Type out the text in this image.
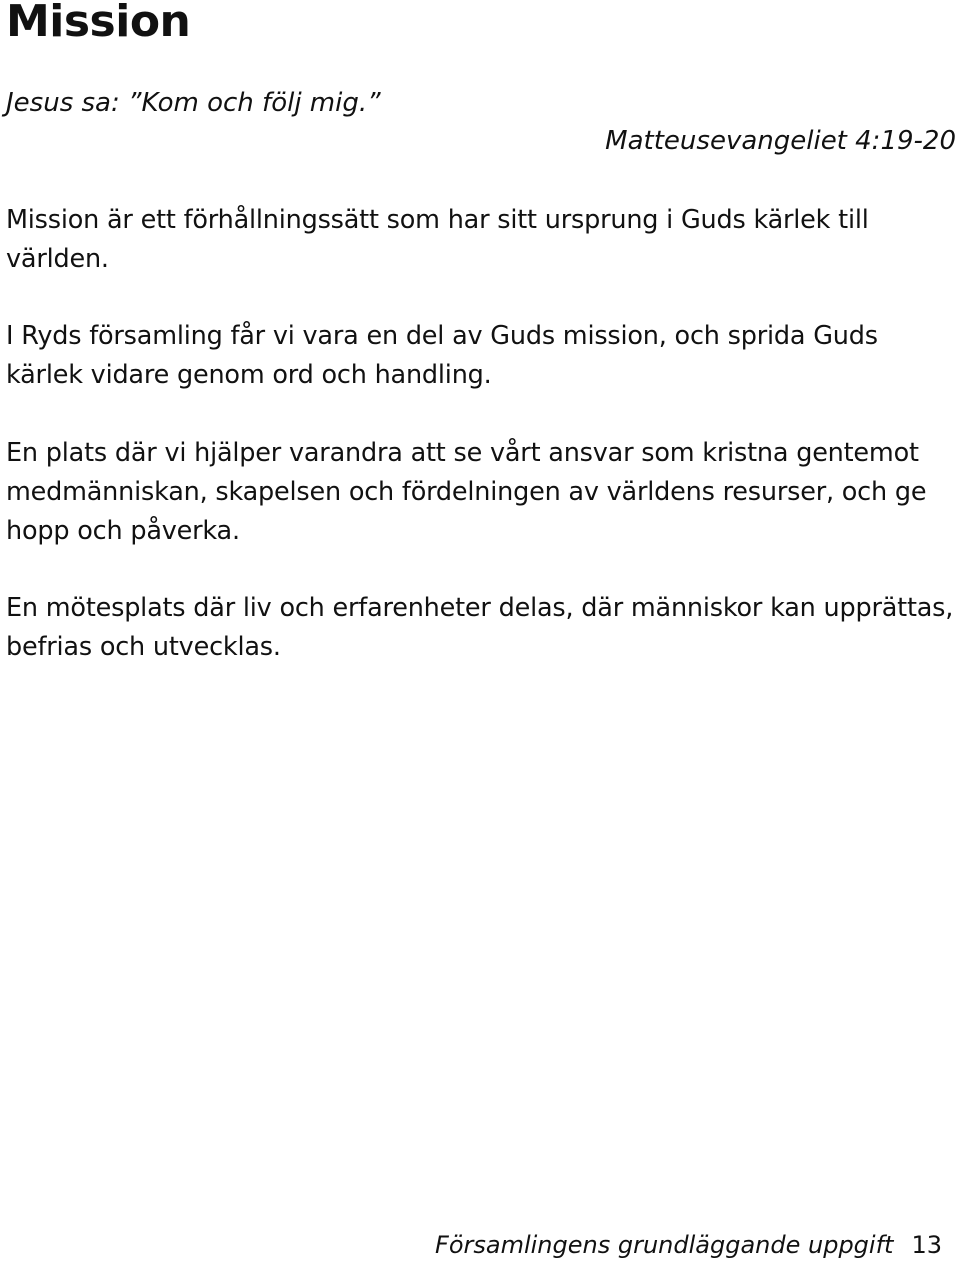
Mission

Jesus sa: ”Kom och följ mig.”

Matteusevangeliet 4:19-20

Mission är ett förhållningssätt som har sitt ursprung i Guds kärlek till världen.

I Ryds församling får vi vara en del av Guds mission, och sprida Guds kärlek vidare genom ord och handling.

En plats där vi hjälper varandra att se vårt ansvar som kristna gentemot medmänniskan, skapelsen och fördelningen av världens resurser, och ge hopp och påverka.

En mötesplats där liv och erfarenheter delas, där människor kan upprättas, befrias och utvecklas.

Församlingens grundläggande uppgift 13
